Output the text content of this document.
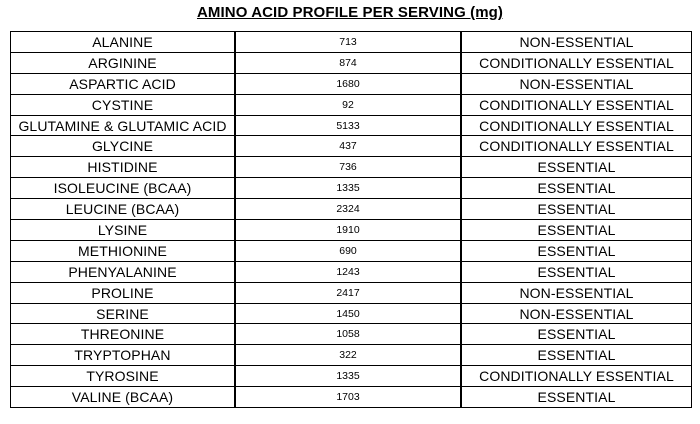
AMINO ACID PROFILE PER SERVING (mg)
ALANINE	713	NON-ESSENTIAL
ARGININE	874	CONDITIONALLY ESSENTIAL
ASPARTIC ACID	1680	NON-ESSENTIAL
CYSTINE	92	CONDITIONALLY ESSENTIAL
GLUTAMINE & GLUTAMIC ACID	5133	CONDITIONALLY ESSENTIAL
GLYCINE	437	CONDITIONALLY ESSENTIAL
HISTIDINE	736	ESSENTIAL
ISOLEUCINE (BCAA)	1335	ESSENTIAL
LEUCINE (BCAA)	2324	ESSENTIAL
LYSINE	1910	ESSENTIAL
METHIONINE	690	ESSENTIAL
PHENYALANINE	1243	ESSENTIAL
PROLINE	2417	NON-ESSENTIAL
SERINE	1450	NON-ESSENTIAL
THREONINE	1058	ESSENTIAL
TRYPTOPHAN	322	ESSENTIAL
TYROSINE	1335	CONDITIONALLY ESSENTIAL
VALINE (BCAA)	1703	ESSENTIAL
